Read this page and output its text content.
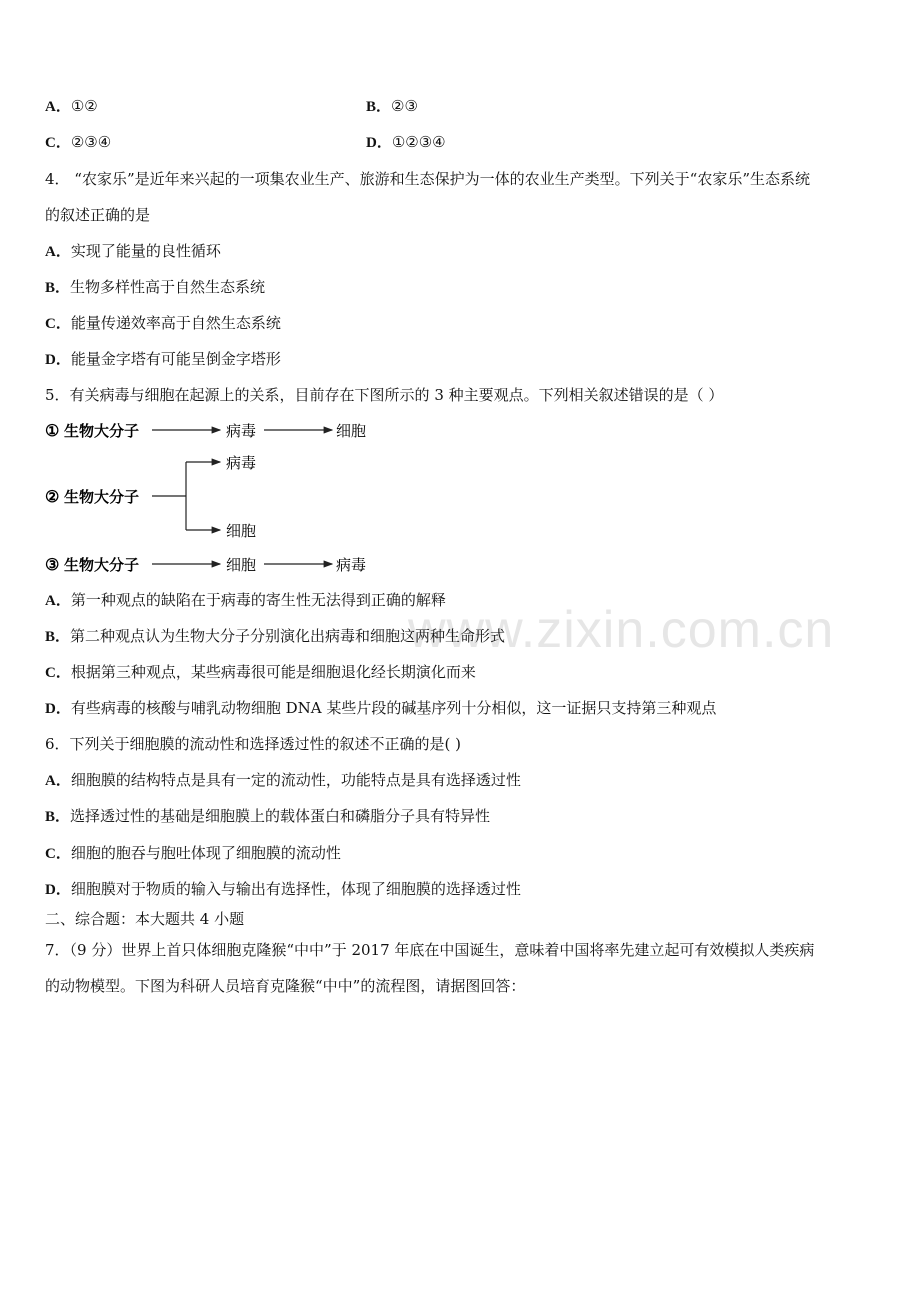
www.zixin.com.cn
A．①②	B．②③
C．②③④	D．①②③④
4． “农家乐”是近年来兴起的一项集农业生产、旅游和生态保护为一体的农业生产类型。下列关于“农家乐”生态系统
的叙述正确的是
A．实现了能量的良性循环
B．生物多样性高于自然生态系统
C．能量传递效率高于自然生态系统
D．能量金字塔有可能呈倒金字塔形
5．有关病毒与细胞在起源上的关系，目前存在下图所示的 3 种主要观点。下列相关叙述错误的是（ ）
① 生物大分子	病毒	细胞
② 生物大分子
病毒
细胞
③ 生物大分子	细胞	病毒
A．第一种观点的缺陷在于病毒的寄生性无法得到正确的解释
B．第二种观点认为生物大分子分别演化出病毒和细胞这两种生命形式
C．根据第三种观点，某些病毒很可能是细胞退化经长期演化而来
D．有些病毒的核酸与哺乳动物细胞 DNA 某些片段的碱基序列十分相似，这一证据只支持第三种观点
6．下列关于细胞膜的流动性和选择透过性的叙述不正确的是( )
A．细胞膜的结构特点是具有一定的流动性，功能特点是具有选择透过性
B．选择透过性的基础是细胞膜上的载体蛋白和磷脂分子具有特异性
C．细胞的胞吞与胞吐体现了细胞膜的流动性
D．细胞膜对于物质的输入与输出有选择性，体现了细胞膜的选择透过性
二、综合题：本大题共 4 小题
7．（9 分）世界上首只体细胞克隆猴“中中”于 2017 年底在中国诞生，意味着中国将率先建立起可有效模拟人类疾病
的动物模型。下图为科研人员培育克隆猴“中中”的流程图，请据图回答：
